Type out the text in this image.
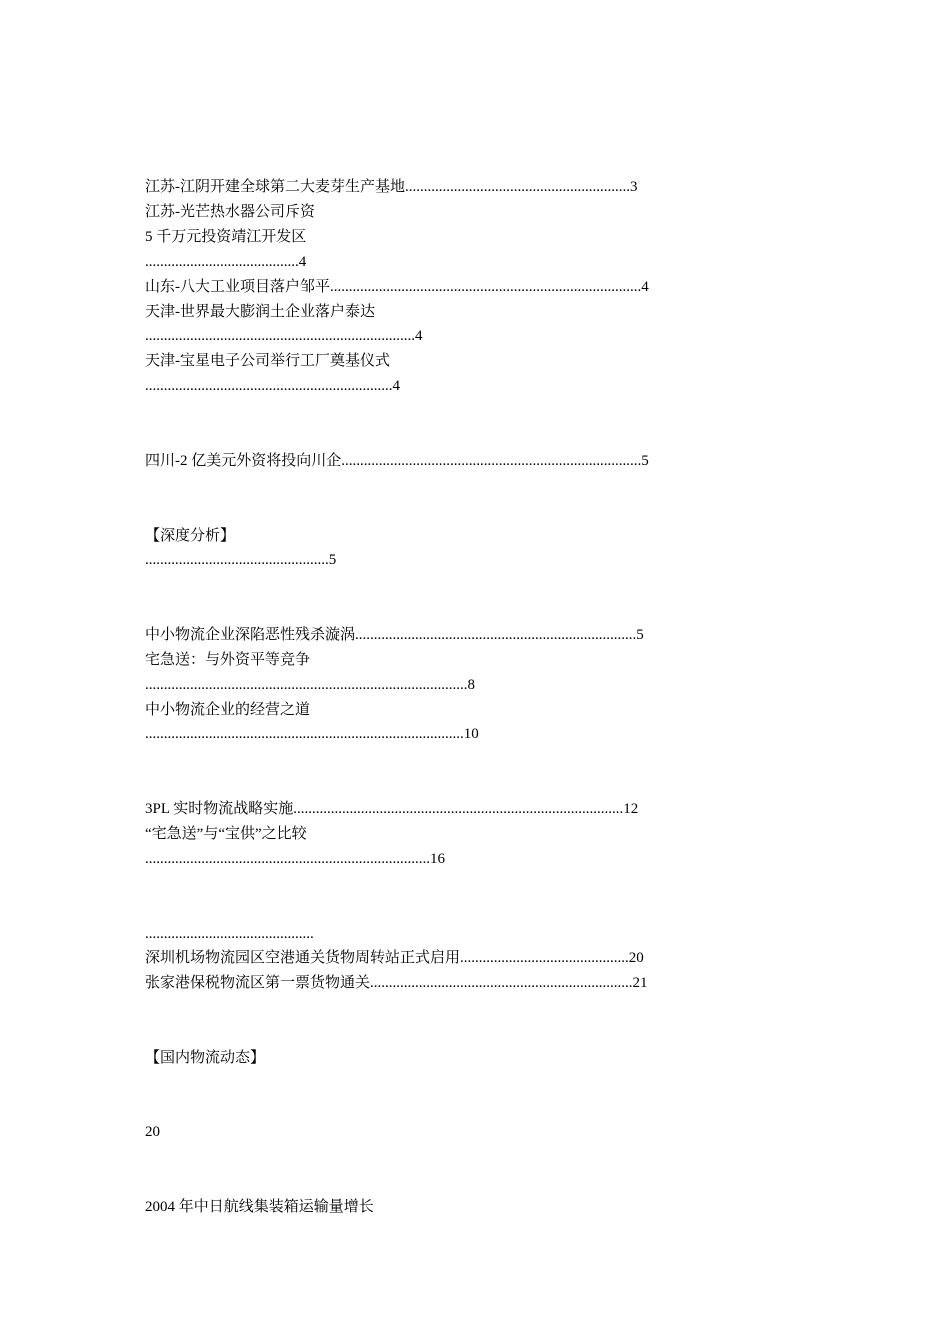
江苏-江阴开建全球第二大麦芽生产基地............................................................3
江苏-光芒热水器公司斥资
5 千万元投资靖江开发区
.........................................4
山东-八大工业项目落户邹平...................................................................................4
天津-世界最大膨润土企业落户泰达
........................................................................4
天津-宝星电子公司举行工厂奠基仪式
..................................................................4
四川-2 亿美元外资将投向川企................................................................................5
【深度分析】
.................................................5
中小物流企业深陷恶性残杀漩涡...........................................................................5
宅急送：与外资平等竞争
......................................................................................8
中小物流企业的经营之道
.....................................................................................10
3PL 实时物流战略实施........................................................................................12
“宅急送”与“宝供”之比较
............................................................................16
.............................................
深圳机场物流园区空港通关货物周转站正式启用.............................................20
张家港保税物流区第一票货物通关......................................................................21
【国内物流动态】
20
2004 年中日航线集装箱运输量增长
